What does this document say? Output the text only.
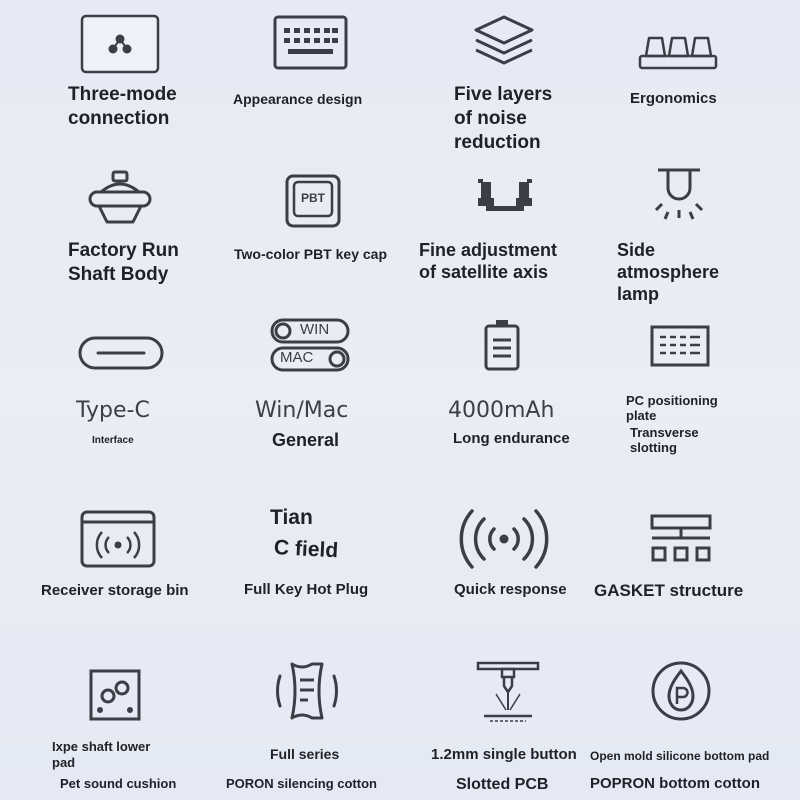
Three-mode
connection
Appearance design	Five layers
of noise
reduction
Ergonomics
Factory Run
Shaft Body
PBT
Two-color PBT key cap Fine adjustment
of satellite axis
Side
atmosphere
lamp
Type-C
Interface
WIN
MAC
Win/Mac
General
4000mAh
Long endurance
PC positioning
plate
Transverse
slotting
Receiver storage bin
Tian
C field
Full Key Hot Plug	Quick response GASKET structure
Ixpe shaft lower
pad
Pet sound cushion
Full series
PORON silencing cotton
1.2mm single button
Slotted PCB
Open mold silicone bottom pad
POPRON bottom cotton
